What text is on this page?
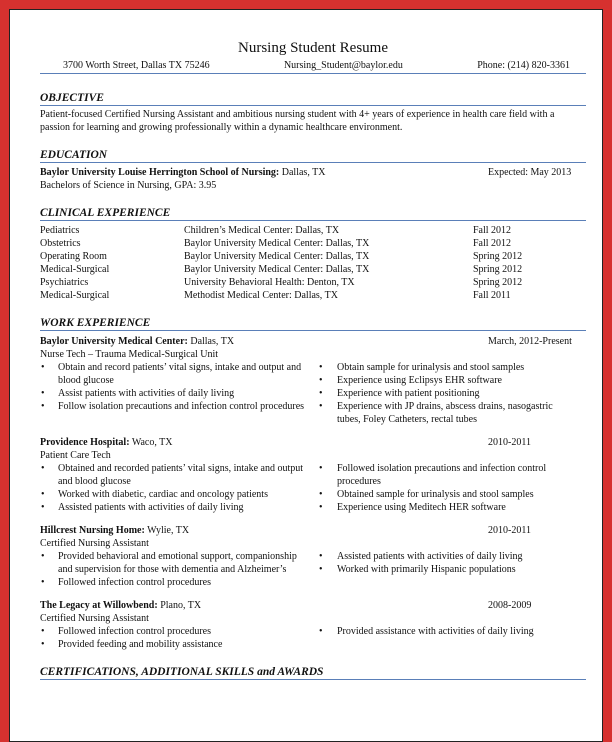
Nursing Student Resume
3700 Worth Street, Dallas TX 75246	Nursing_Student@baylor.edu	Phone: (214) 820-3361
OBJECTIVE
Patient-focused Certified Nursing Assistant and ambitious nursing student with 4+ years of experience in health care field with a passion for learning and growing professionally within a dynamic healthcare environment.
EDUCATION
Baylor University Louise Herrington School of Nursing: Dallas, TX	Expected: May 2013
Bachelors of Science in Nursing, GPA: 3.95
CLINICAL EXPERIENCE
Pediatrics	Children’s Medical Center: Dallas, TX	Fall 2012
Obstetrics	Baylor University Medical Center: Dallas, TX	Fall 2012
Operating Room	Baylor University Medical Center: Dallas, TX	Spring 2012
Medical-Surgical	Baylor University Medical Center: Dallas, TX	Spring 2012
Psychiatrics	University Behavioral Health: Denton, TX	Spring 2012
Medical-Surgical	Methodist Medical Center: Dallas, TX	Fall 2011
WORK EXPERIENCE
Baylor University Medical Center: Dallas, TX	March, 2012-Present
Nurse Tech – Trauma Medical-Surgical Unit
• Obtain and record patients’ vital signs, intake and output and blood glucose
• Assist patients with activities of daily living
• Follow isolation precautions and infection control procedures
• Obtain sample for urinalysis and stool samples
• Experience using Eclipsys EHR software
• Experience with patient positioning
• Experience with JP drains, abscess drains, nasogastric tubes, Foley Catheters, rectal tubes
Providence Hospital: Waco, TX	2010-2011
Patient Care Tech
• Obtained and recorded patients’ vital signs, intake and output and blood glucose
• Worked with diabetic, cardiac and oncology patients
• Assisted patients with activities of daily living
• Followed isolation precautions and infection control procedures
• Obtained sample for urinalysis and stool samples
• Experience using Meditech HER software
Hillcrest Nursing Home: Wylie, TX	2010-2011
Certified Nursing Assistant
• Provided behavioral and emotional support, companionship and supervision for those with dementia and Alzheimer’s
• Followed infection control procedures
• Assisted patients with activities of daily living
• Worked with primarily Hispanic populations
The Legacy at Willowbend: Plano, TX	2008-2009
Certified Nursing Assistant
• Followed infection control procedures
• Provided feeding and mobility assistance
• Provided assistance with activities of daily living
CERTIFICATIONS, ADDITIONAL SKILLS and AWARDS
